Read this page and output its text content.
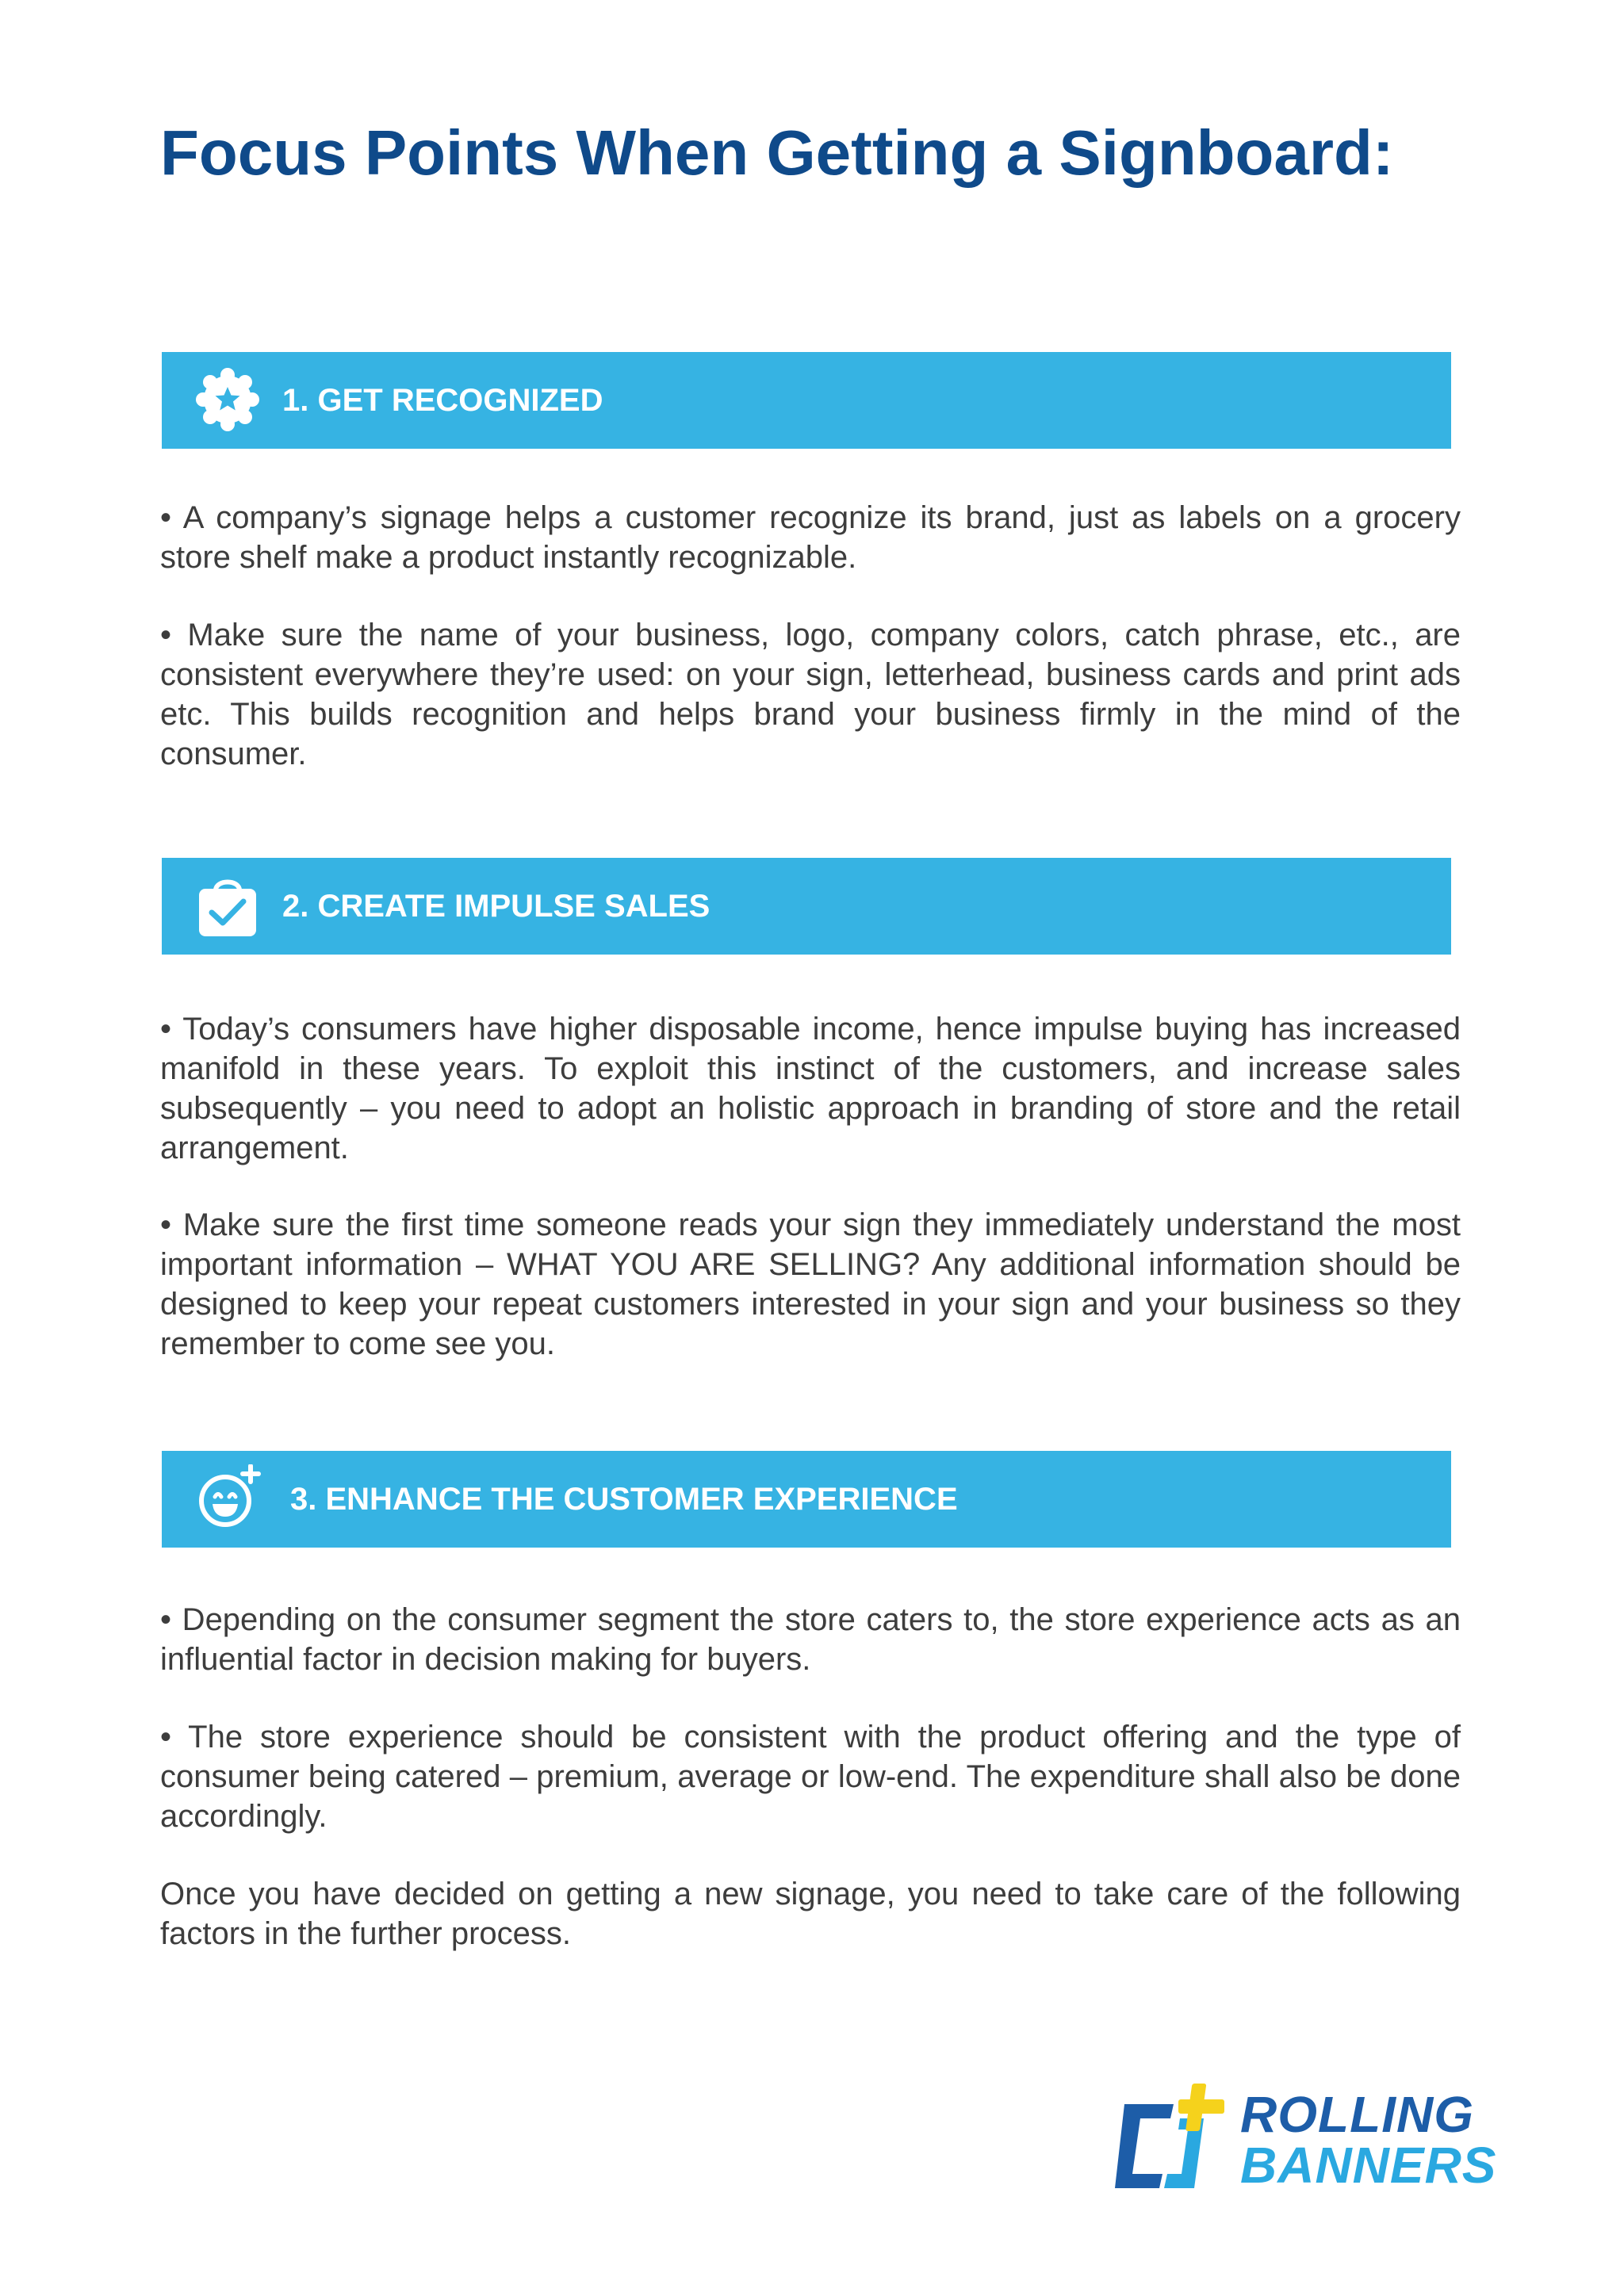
Focus Points When Getting a Signboard:
1. GET RECOGNIZED

• A company’s signage helps a customer recognize its brand, just as labels on a grocery store shelf make a product instantly recognizable.

• Make sure the name of your business, logo, company colors, catch phrase, etc., are consistent everywhere they’re used: on your sign, letterhead, business cards and print ads etc. This builds recognition and helps brand your business firmly in the mind of the consumer.

2. CREATE IMPULSE SALES

• Today’s consumers have higher disposable income, hence impulse buying has increased manifold in these years. To exploit this instinct of the customers, and increase sales subsequently – you need to adopt an holistic approach in branding of store and the retail arrangement.

• Make sure the first time someone reads your sign they immediately understand the most important information – WHAT YOU ARE SELLING? Any additional information should be designed to keep your repeat customers interested in your sign and your business so they remember to come see you.

3. ENHANCE THE CUSTOMER EXPERIENCE

• Depending on the consumer segment the store caters to, the store experience acts as an influential factor in decision making for buyers.

• The store experience should be consistent with the product offering and the type of consumer being catered – premium, average or low-end. The expenditure shall also be done accordingly.

Once you have decided on getting a new signage, you need to take care of the following factors in the further process.

ROLLING
BANNERS
